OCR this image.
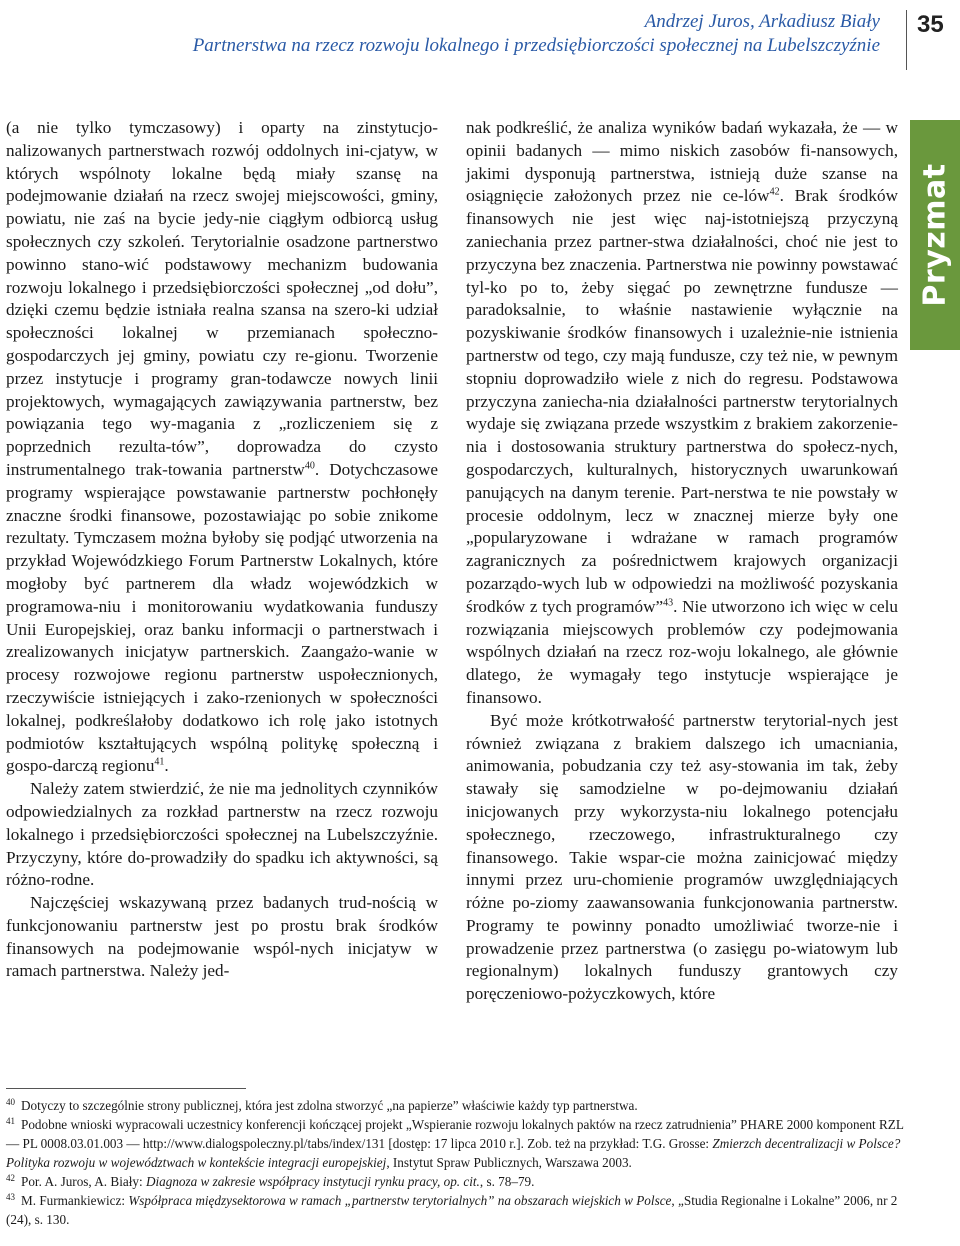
Andrzej Juros, Arkadiusz Biały
Partnerstwa na rzecz rozwoju lokalnego i przedsiębiorczości społecznej na Lubelszczyźnie
35
Pryzmat

(a nie tylko tymczasowy) i oparty na zinstytucjo-nalizowanych partnerstwach rozwój oddolnych ini-cjatyw, w których wspólnoty lokalne będą miały szansę na podejmowanie działań na rzecz swojej miejscowości, gminy, powiatu, nie zaś na bycie jedy-nie ciągłym odbiorcą usług społecznych czy szkoleń. Terytorialnie osadzone partnerstwo powinno stano-wić podstawowy mechanizm budowania rozwoju lokalnego i przedsiębiorczości społecznej „od dołu”, dzięki czemu będzie istniała realna szansa na szero-ki udział społeczności lokalnej w przemianach społeczno-gospodarczych jej gminy, powiatu czy re-gionu. Tworzenie przez instytucje i programy gran-todawcze nowych linii projektowych, wymagających zawiązywania partnerstw, bez powiązania tego wy-magania z „rozliczeniem się z poprzednich rezulta-tów”, doprowadza do czysto instrumentalnego trak-towania partnerstw$^{40}$. Dotychczasowe programy wspierające powstawanie partnerstw pochłonęły znaczne środki finansowe, pozostawiając po sobie znikome rezultaty. Tymczasem można byłoby się podjąć utworzenia na przykład Wojewódzkiego Forum Partnerstw Lokalnych, które mogłoby być partnerem dla władz wojewódzkich w programowa-niu i monitorowaniu wydatkowania funduszy Unii Europejskiej, oraz banku informacji o partnerstwach i zrealizowanych inicjatyw partnerskich. Zaangażo-wanie w procesy rozwojowe regionu partnerstw uspołecznionych, rzeczywiście istniejących i zako-rzenionych w społeczności lokalnej, podkreślałoby dodatkowo ich rolę jako istotnych podmiotów kształtujących wspólną politykę społeczną i gospo-darczą regionu$^{41}$.

Należy zatem stwierdzić, że nie ma jednolitych czynników odpowiedzialnych za rozkład partnerstw na rzecz rozwoju lokalnego i przedsiębiorczości społecznej na Lubelszczyźnie. Przyczyny, które do-prowadziły do spadku ich aktywności, są różno-rodne.

Najczęściej wskazywaną przez badanych trud-nością w funkcjonowaniu partnerstw jest po prostu brak środków finansowych na podejmowanie wspól-nych inicjatyw w ramach partnerstwa. Należy jed-

nak podkreślić, że analiza wyników badań wykazała, że — w opinii badanych — mimo niskich zasobów fi-nansowych, jakimi dysponują partnerstwa, istnieją duże szanse na osiągnięcie założonych przez nie ce-lów$^{42}$. Brak środków finansowych nie jest więc naj-istotniejszą przyczyną zaniechania przez partner-stwa działalności, choć nie jest to przyczyna bez znaczenia. Partnerstwa nie powinny powstawać tyl-ko po to, żeby sięgać po zewnętrzne fundusze — paradoksalnie, to właśnie nastawienie wyłącznie na pozyskiwanie środków finansowych i uzależnie-nie istnienia partnerstw od tego, czy mają fundusze, czy też nie, w pewnym stopniu doprowadziło wiele z nich do regresu. Podstawowa przyczyna zaniecha-nia działalności partnerstw terytorialnych wydaje się związana przede wszystkim z brakiem zakorzenie-nia i dostosowania struktury partnerstwa do społecz-nych, gospodarczych, kulturalnych, historycznych uwarunkowań panujących na danym terenie. Part-nerstwa te nie powstały w procesie oddolnym, lecz w znacznej mierze były one „popularyzowane i wdrażane w ramach programów zagranicznych za pośrednictwem krajowych organizacji pozarządo-wych lub w odpowiedzi na możliwość pozyskania środków z tych programów”$^{43}$. Nie utworzono ich więc w celu rozwiązania miejscowych problemów czy podejmowania wspólnych działań na rzecz roz-woju lokalnego, ale głównie dlatego, że wymagały tego instytucje wspierające je finansowo.

Być może krótkotrwałość partnerstw terytorial-nych jest również związana z brakiem dalszego ich umacniania, animowania, pobudzania czy też asy-stowania im tak, żeby stawały się samodzielne w po-dejmowaniu działań inicjowanych przy wykorzysta-niu lokalnego potencjału społecznego, rzeczowego, infrastrukturalnego czy finansowego. Takie wspar-cie można zainicjować między innymi przez uru-chomienie programów uwzględniających różne po-ziomy zaawansowania funkcjonowania partnerstw. Programy te powinny ponadto umożliwiać tworze-nie i prowadzenie przez partnerstwa (o zasięgu po-wiatowym lub regionalnym) lokalnych funduszy grantowych czy poręczeniowo-pożyczkowych, które

$^{40}$ Dotyczy to szczególnie strony publicznej, która jest zdolna stworzyć „na papierze” właściwie każdy typ partnerstwa.

$^{41}$ Podobne wnioski wypracowali uczestnicy konferencji kończącej projekt „Wspieranie rozwoju lokalnych paktów na rzecz zatrudnienia” PHARE 2000 komponent RZL — PL 0008.03.01.003 — http://www.dialogspoleczny.pl/tabs/index/131 [dostęp: 17 lipca 2010 r.]. Zob. też na przykład: T.G. Grosse: Zmierzch decentralizacji w Polsce? Polityka rozwoju w województwach w kontekście integracji europejskiej, Instytut Spraw Publicznych, Warszawa 2003.

$^{42}$ Por. A. Juros, A. Biały: Diagnoza w zakresie współpracy instytucji rynku pracy, op. cit., s. 78–79.

$^{43}$ M. Furmankiewicz: Współpraca międzysektorowa w ramach „partnerstw terytorialnych” na obszarach wiejskich w Polsce, „Studia Regionalne i Lokalne” 2006, nr 2 (24), s. 130.
